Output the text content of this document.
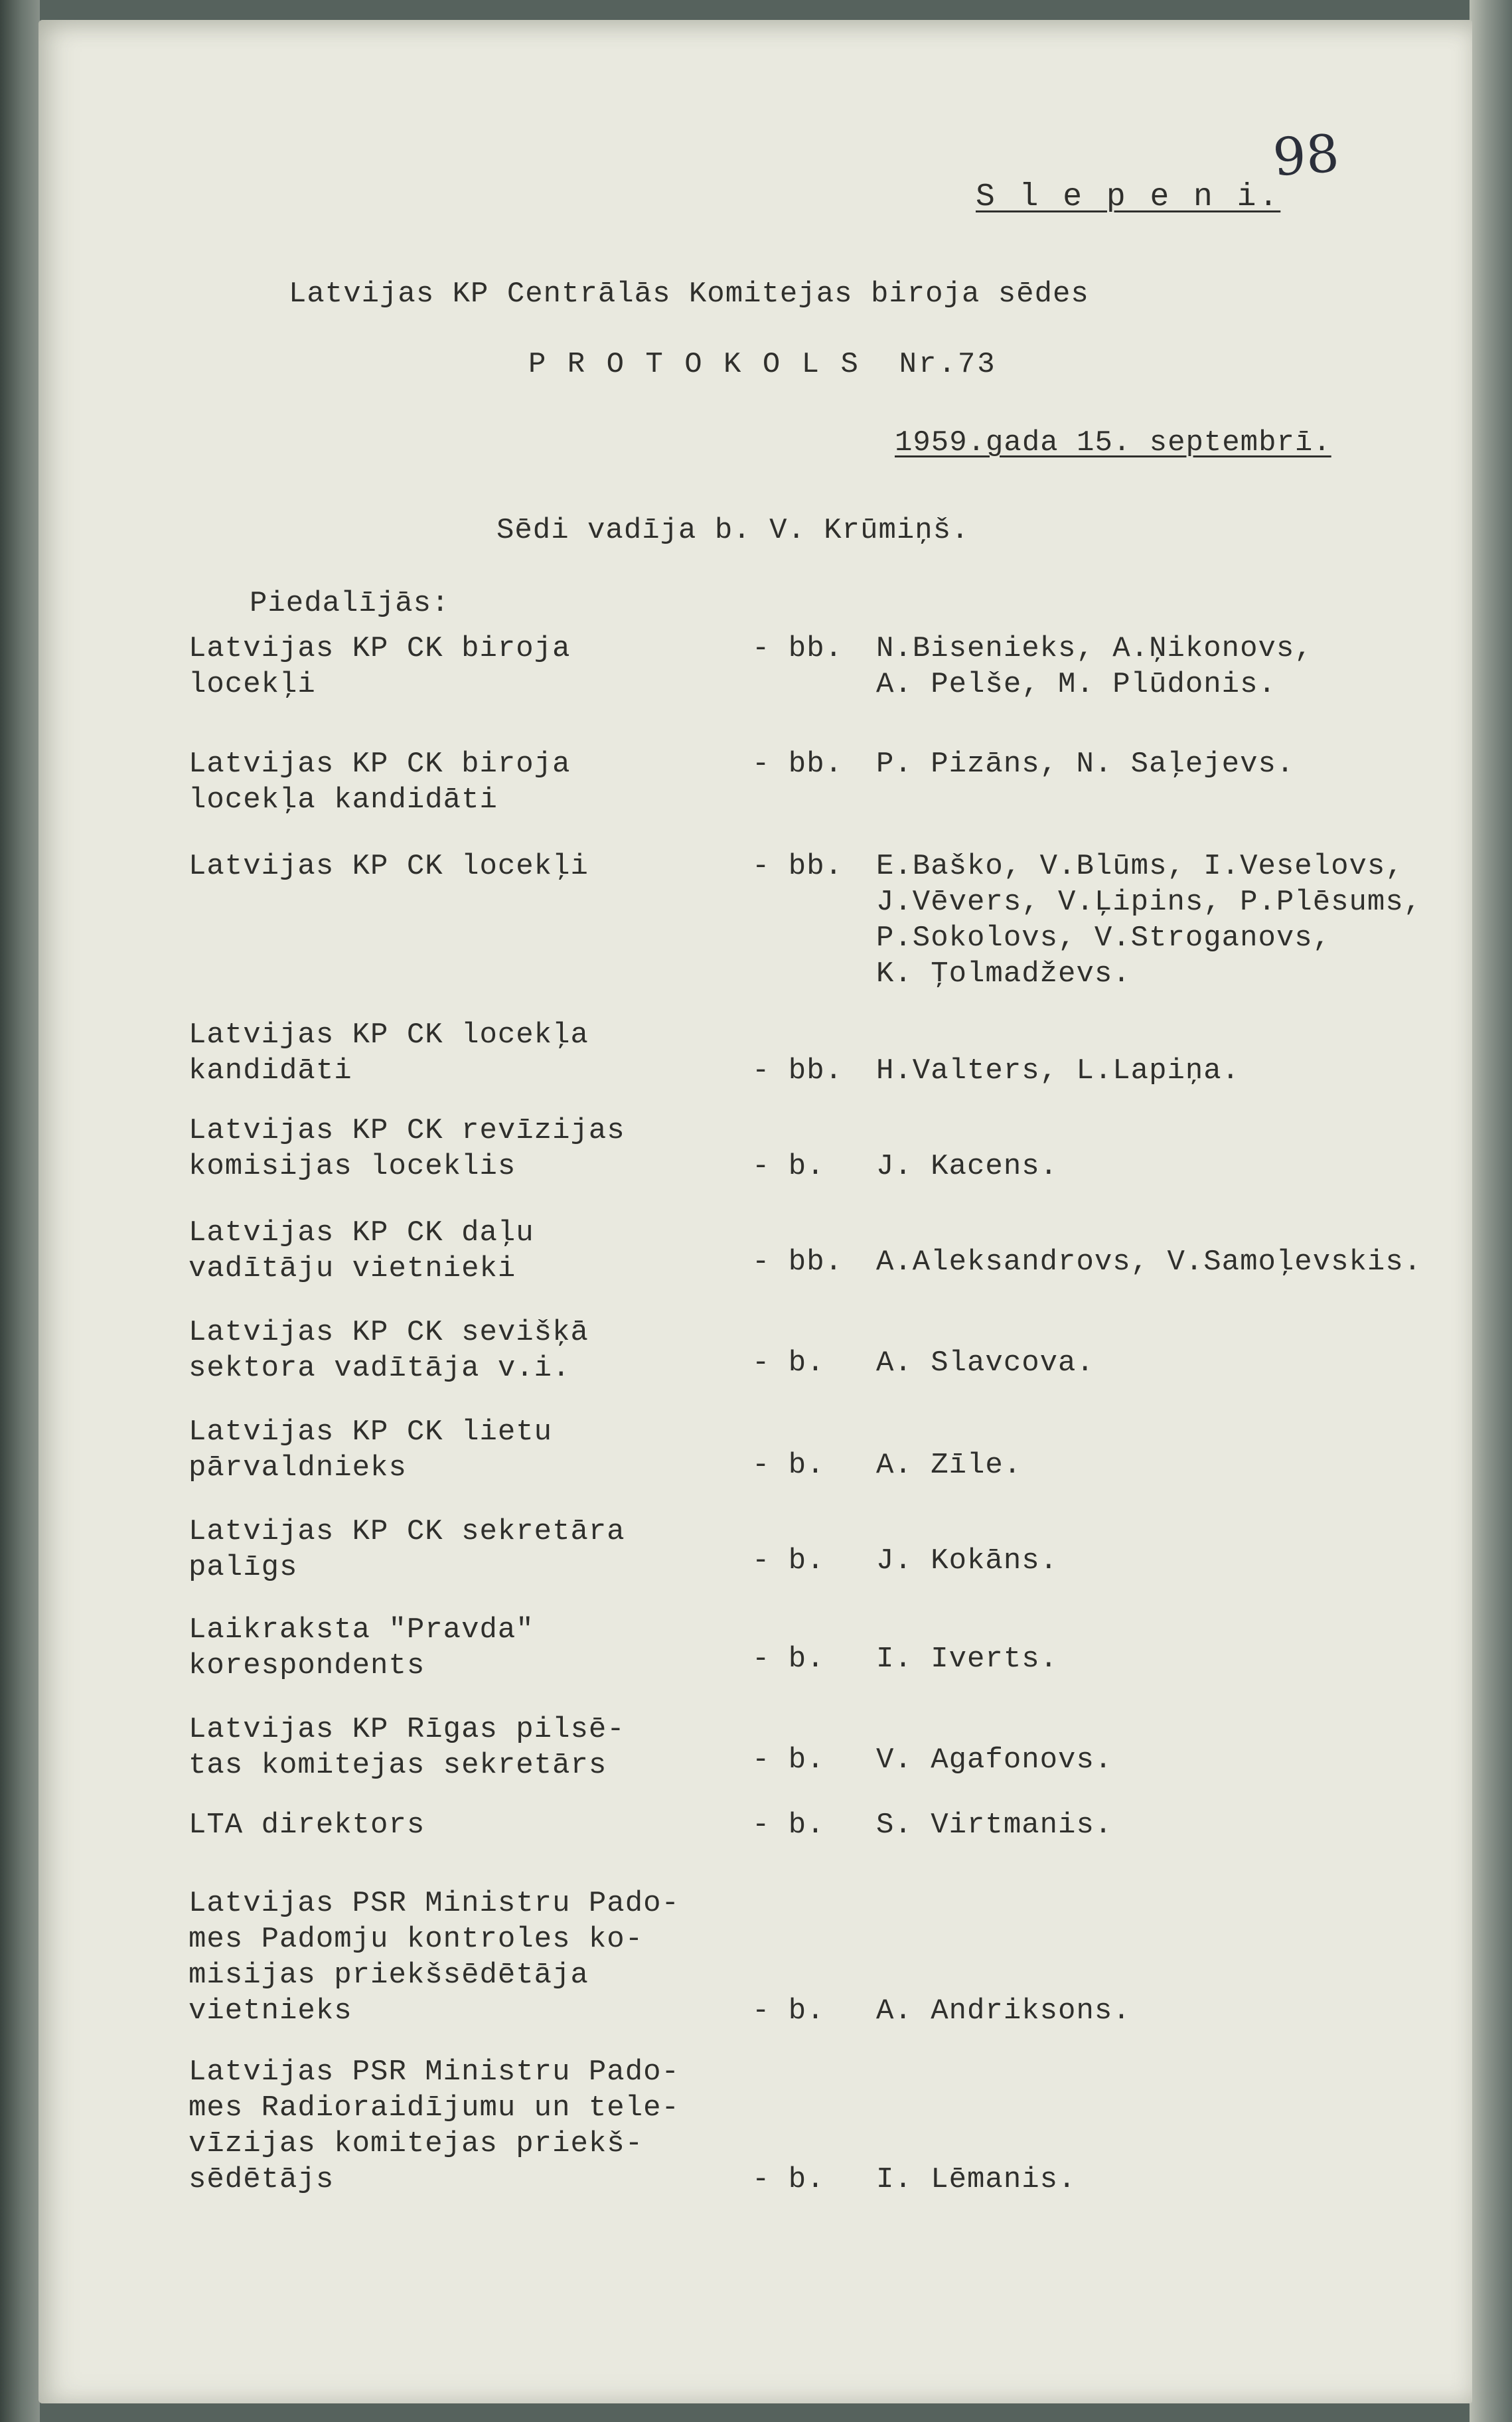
98
S l e p e n i.
Latvijas KP Centrālās Komitejas biroja sēdes
P R O T O K O L S  Nr.73
1959.gada 15. septembrī.
Sēdi vadīja b. V. Krūmiņš.
Piedalījās:
Latvijas KP CK biroja
locekļi
- bb. N.Bisenieks, A.Ņikonovs,
A. Pelše, M. Plūdonis.
Latvijas KP CK biroja
locekļa kandidāti
- bb. P. Pizāns, N. Saļejevs.
Latvijas KP CK locekļi	- bb. E.Baško, V.Blūms, I.Veselovs,
J.Vēvers, V.Ļipins, P.Plēsums,
P.Sokolovs, V.Stroganovs,
K. Ţolmadževs.
Latvijas KP CK locekļa
kandidāti	- bb. H.Valters, L.Lapiņa.
Latvijas KP CK revīzijas
komisijas loceklis	- b. J. Kacens.
Latvijas KP CK daļu
vadītāju vietnieki	- bb. A.Aleksandrovs, V.Samoļevskis.
Latvijas KP CK sevišķā
sektora vadītāja v.i.	- b. A. Slavcova.
Latvijas KP CK lietu
pārvaldnieks	- b. A. Zīle.
Latvijas KP CK sekretāra
palīgs	- b. J. Kokāns.
Laikraksta "Pravda"
korespondents	- b. I. Iverts.
Latvijas KP Rīgas pilsē-
tas komitejas sekretārs	- b. V. Agafonovs.
LTA direktors	- b. S. Virtmanis.
Latvijas PSR Ministru Pado-
mes Padomju kontroles ko-
misijas priekšsēdētāja
vietnieks	- b. A. Andriksons.
Latvijas PSR Ministru Pado-
mes Radioraidījumu un tele-
vīzijas komitejas priekš-
sēdētājs	- b. I. Lēmanis.
